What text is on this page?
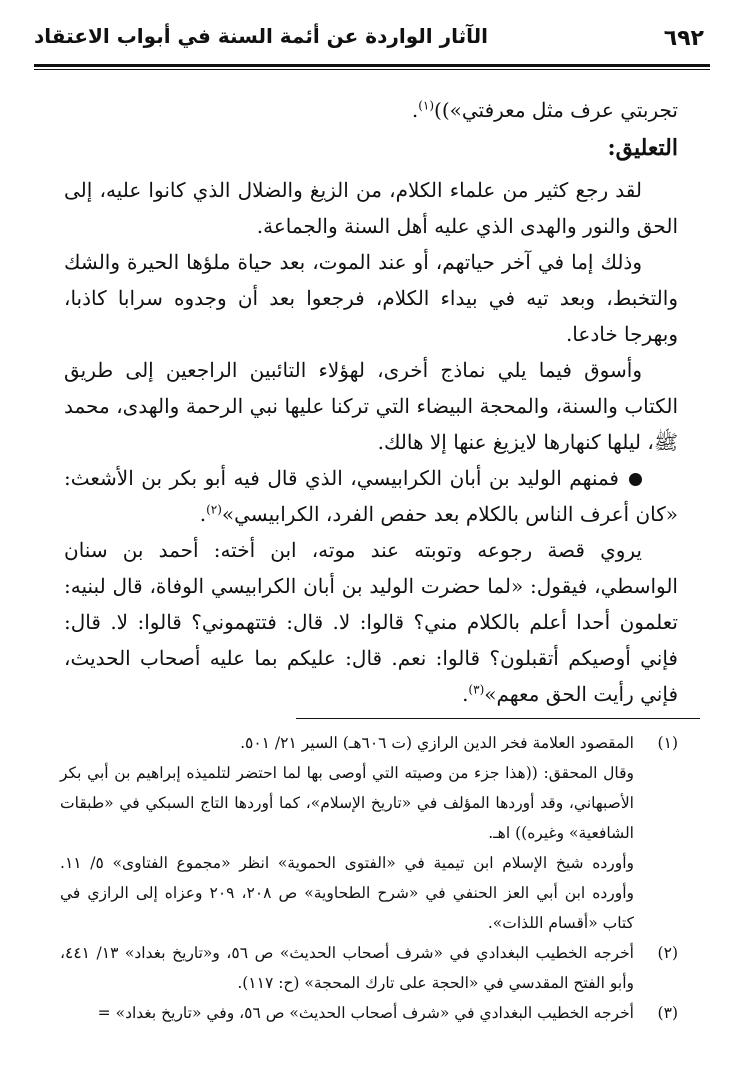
٦٩٢
الآثار الواردة عن أئمة السنة في أبواب الاعتقاد

تجربتي عرف مثل معرفتي»))$^{(١)}$.

التعليق:

لقد رجع كثير من علماء الكلام، من الزيغ والضلال الذي كانوا عليه، إلى الحق والنور والهدى الذي عليه أهل السنة والجماعة.

وذلك إما في آخر حياتهم، أو عند الموت، بعد حياة ملؤها الحيرة والشك والتخبط، وبعد تيه في بيداء الكلام، فرجعوا بعد أن وجدوه سرابا كاذبا، وبهرجا خادعا.

وأسوق فيما يلي نماذج أخرى، لهؤلاء التائبين الراجعين إلى طريق الكتاب والسنة، والمحجة البيضاء التي تركنا عليها نبي الرحمة والهدى، محمد ﷺ، ليلها كنهارها لايزيغ عنها إلا هالك.

فمنهم الوليد بن أبان الكرابيسي، الذي قال فيه أبو بكر بن الأشعث: «كان أعرف الناس بالكلام بعد حفص الفرد، الكرابيسي»$^{(٢)}$.

يروي قصة رجوعه وتوبته عند موته، ابن أخته: أحمد بن سنان الواسطي، فيقول: «لما حضرت الوليد بن أبان الكرابيسي الوفاة، قال لبنيه: تعلمون أحدا أعلم بالكلام مني؟ قالوا: لا. قال: فتتهموني؟ قالوا: لا. قال: فإني أوصيكم أتقبلون؟ قالوا: نعم. قال: عليكم بما عليه أصحاب الحديث، فإني رأيت الحق معهم»$^{(٣)}$.

(١)

المقصود العلامة فخر الدين الرازي (ت ٦٠٦هـ) السير ٢١/ ٥٠١.

وقال المحقق: ((هذا جزء من وصيته التي أوصى بها لما احتضر لتلميذه إبراهيم بن أبي بكر الأصبهاني، وقد أوردها المؤلف في «تاريخ الإسلام»، كما أوردها التاج السبكي في «طبقات الشافعية» وغيره)) اهـ.

وأورده شيخ الإسلام ابن تيمية في «الفتوى الحموية» انظر «مجموع الفتاوى» ٥/ ١١. وأورده ابن أبي العز الحنفي في «شرح الطحاوية» ص ٢٠٨، ٢٠٩ وعزاه إلى الرازي في كتاب «أقسام اللذات».

(٢)

أخرجه الخطيب البغدادي في «شرف أصحاب الحديث» ص ٥٦، و«تاريخ بغداد» ١٣/ ٤٤١، وأبو الفتح المقدسي في «الحجة على تارك المحجة» (ح: ١١٧).

(٣)

أخرجه الخطيب البغدادي في «شرف أصحاب الحديث» ص ٥٦، وفي «تاريخ بغداد» =
